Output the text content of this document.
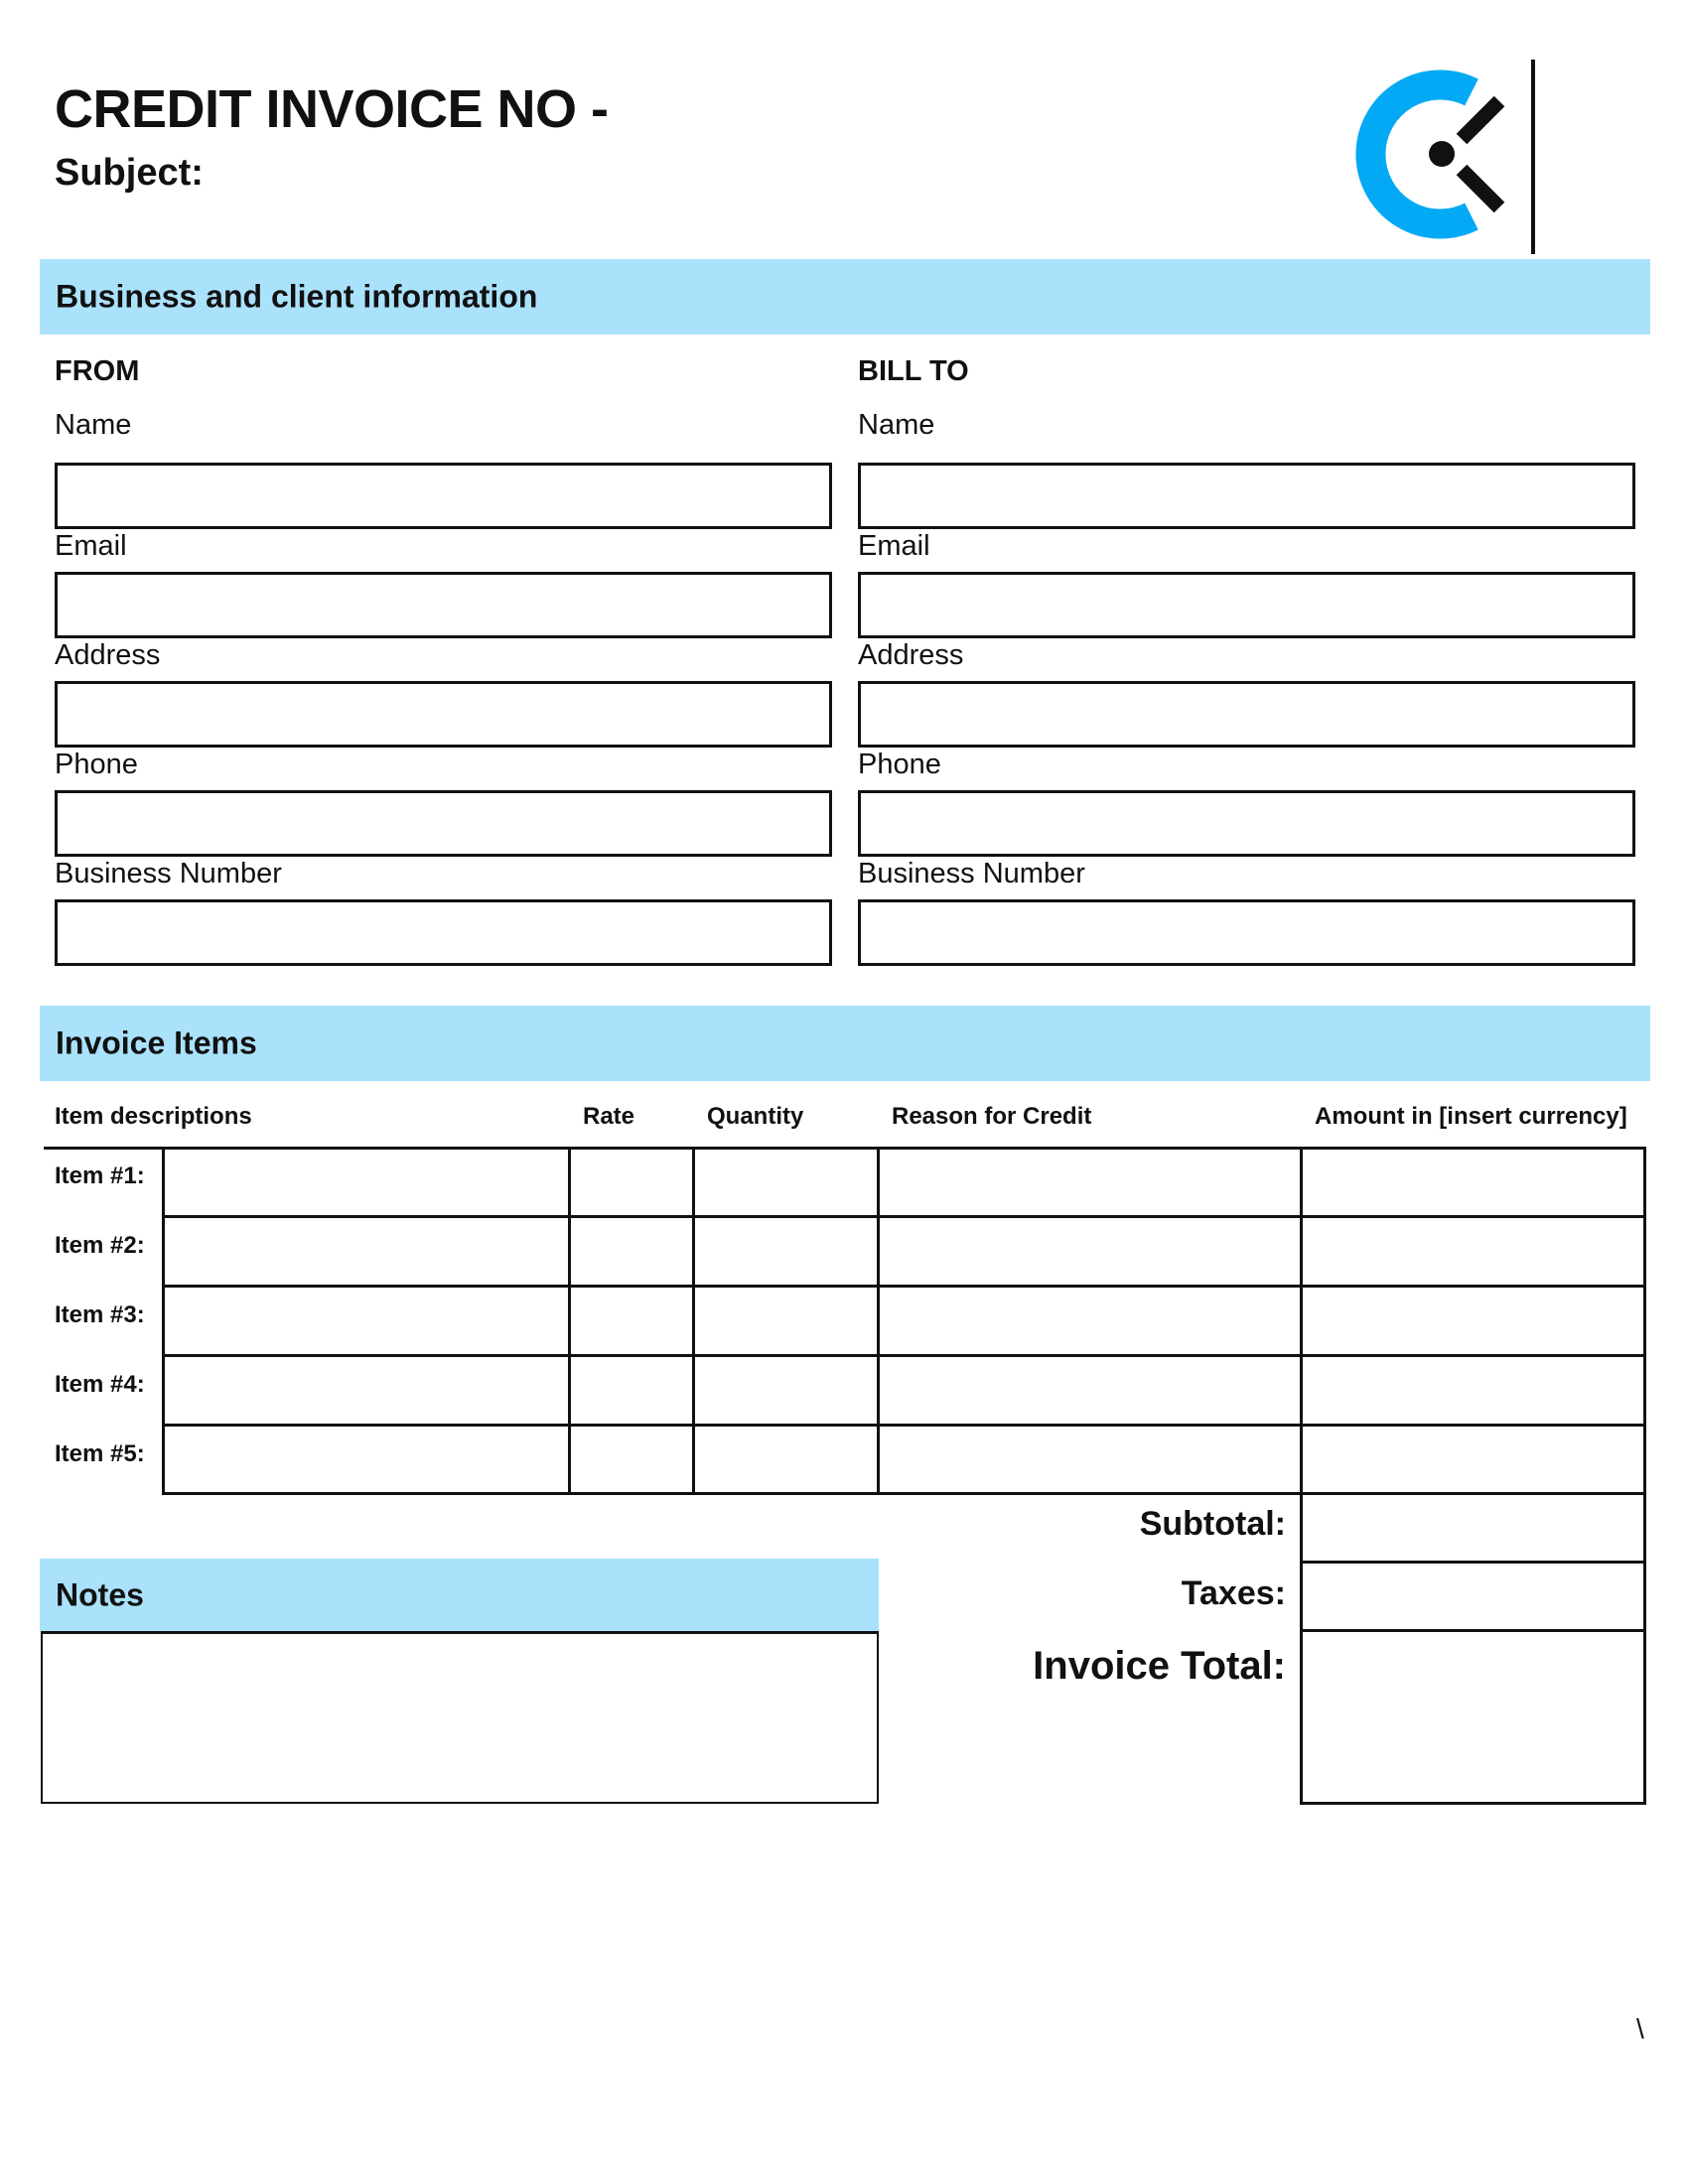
CREDIT INVOICE NO -
Subject:
Business and client information
FROM	BILL TO
Name
Email
Address
Phone
Business Number
Name
Email
Address
Phone
Business Number
Invoice Items
Item descriptions	Rate	Quantity	Reason for Credit	Amount in [insert currency]
Item #1:
Item #2:
Item #3:
Item #4:
Item #5:
Subtotal:
Taxes:
Invoice Total:
Notes
\
